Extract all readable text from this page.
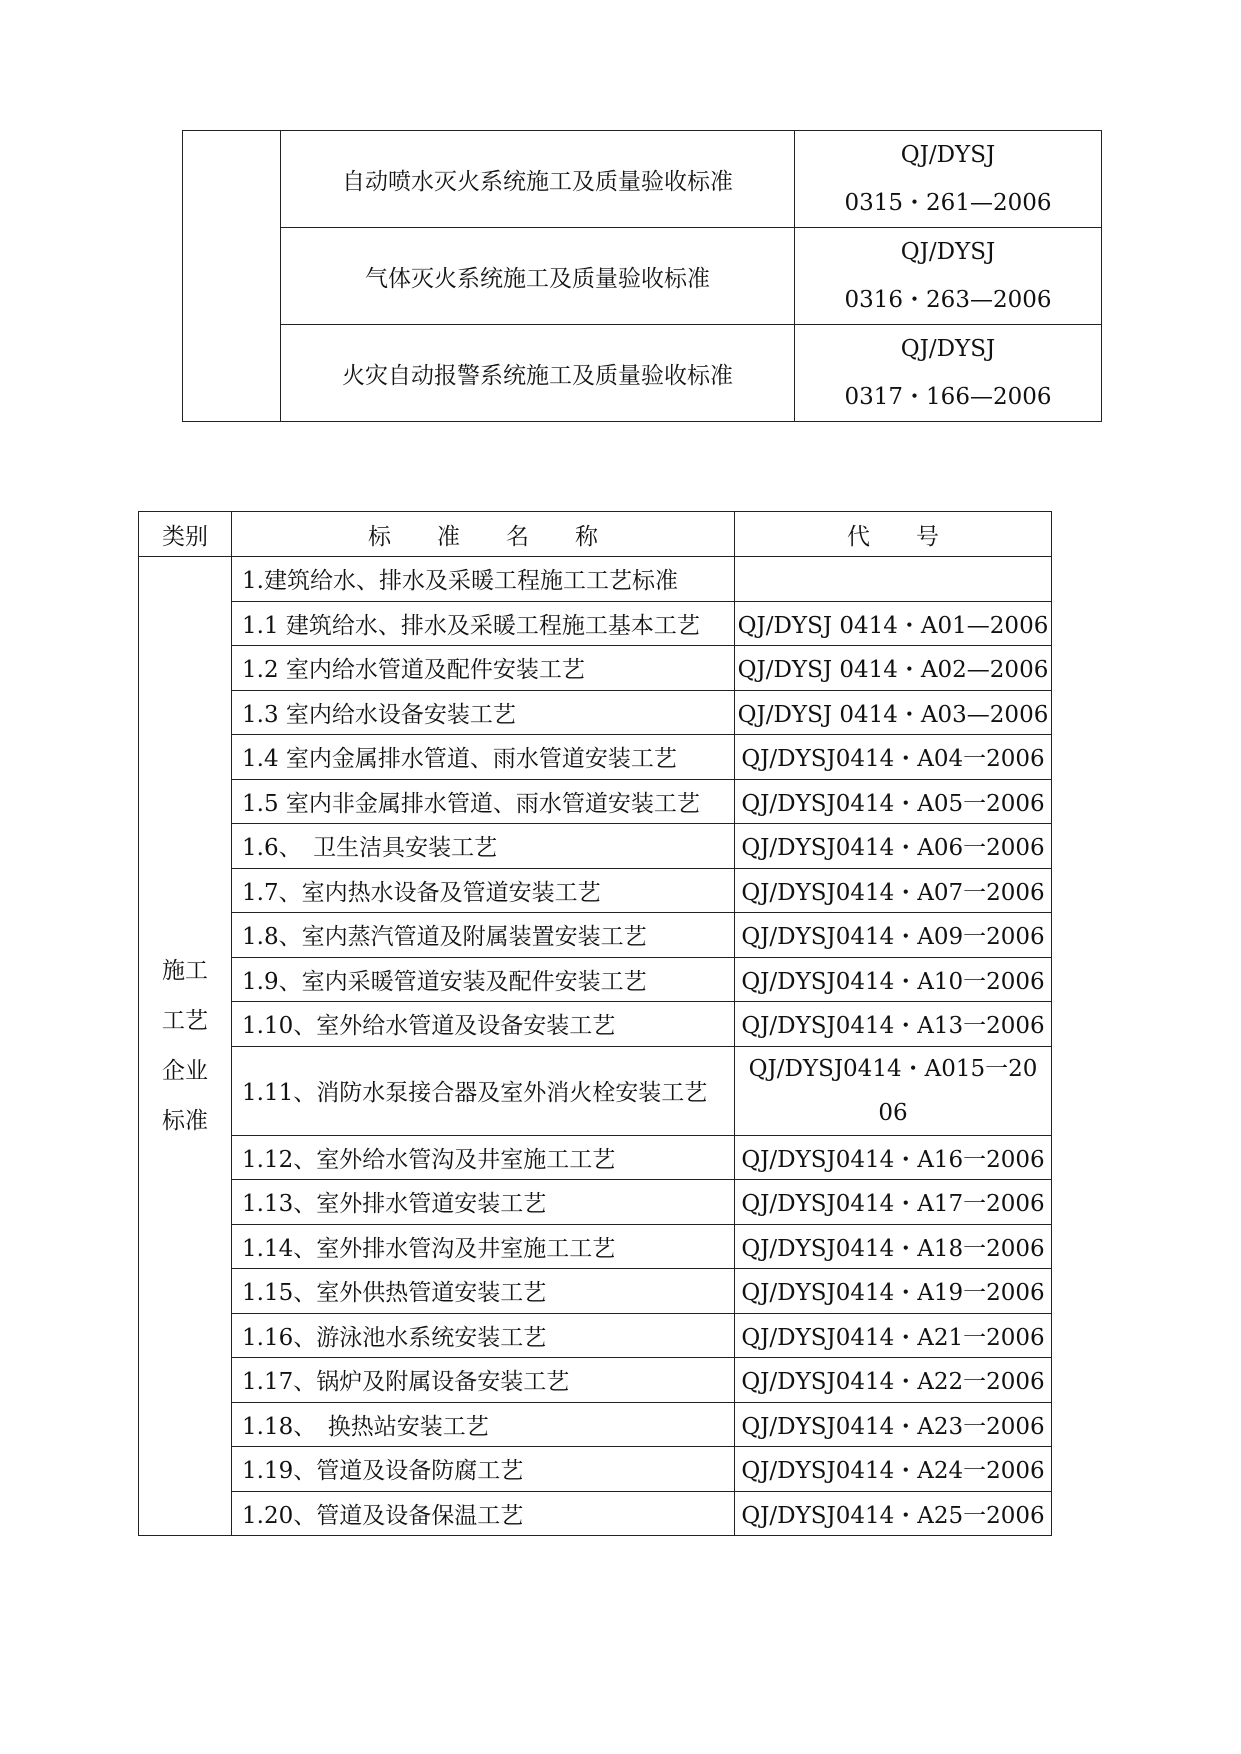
	自动喷水灭火系统施工及质量验收标准	QJ/DYSJ
0315・261—2006

	气体灭火系统施工及质量验收标准	QJ/DYSJ
0316・263—2006

	火灾自动报警系统施工及质量验收标准	QJ/DYSJ
0317・166—2006
类别	标　　准　　名　　称	代　　号
施工工艺企业标准	1.建筑给水、排水及采暖工程施工工艺标准	
	1.1 建筑给水、排水及采暖工程施工基本工艺	QJ/DYSJ 0414・A01—2006
	1.2 室内给水管道及配件安装工艺	QJ/DYSJ 0414・A02—2006
	1.3 室内给水设备安装工艺	QJ/DYSJ 0414・A03—2006
	1.4 室内金属排水管道、雨水管道安装工艺	QJ/DYSJ0414・A04一2006
	1.5 室内非金属排水管道、雨水管道安装工艺	QJ/DYSJ0414・A05一2006
	1.6、　卫生洁具安装工艺	QJ/DYSJ0414・A06一2006
	1.7、室内热水设备及管道安装工艺	QJ/DYSJ0414・A07一2006
	1.8、室内蒸汽管道及附属装置安装工艺	QJ/DYSJ0414・A09一2006
	1.9、室内采暖管道安装及配件安装工艺	QJ/DYSJ0414・A10一2006
	1.10、室外给水管道及设备安装工艺	QJ/DYSJ0414・A13一2006
	1.11、消防水泵接合器及室外消火栓安装工艺	QJ/DYSJ0414・A015一2006
	1.12、室外给水管沟及井室施工工艺	QJ/DYSJ0414・A16一2006
	1.13、室外排水管道安装工艺	QJ/DYSJ0414・A17一2006
	1.14、室外排水管沟及井室施工工艺	QJ/DYSJ0414・A18一2006
	1.15、室外供热管道安装工艺	QJ/DYSJ0414・A19一2006
	1.16、游泳池水系统安装工艺	QJ/DYSJ0414・A21一2006
	1.17、锅炉及附属设备安装工艺	QJ/DYSJ0414・A22一2006
	1.18、　换热站安装工艺	QJ/DYSJ0414・A23一2006
	1.19、管道及设备防腐工艺	QJ/DYSJ0414・A24一2006
	1.20、管道及设备保温工艺	QJ/DYSJ0414・A25一2006
